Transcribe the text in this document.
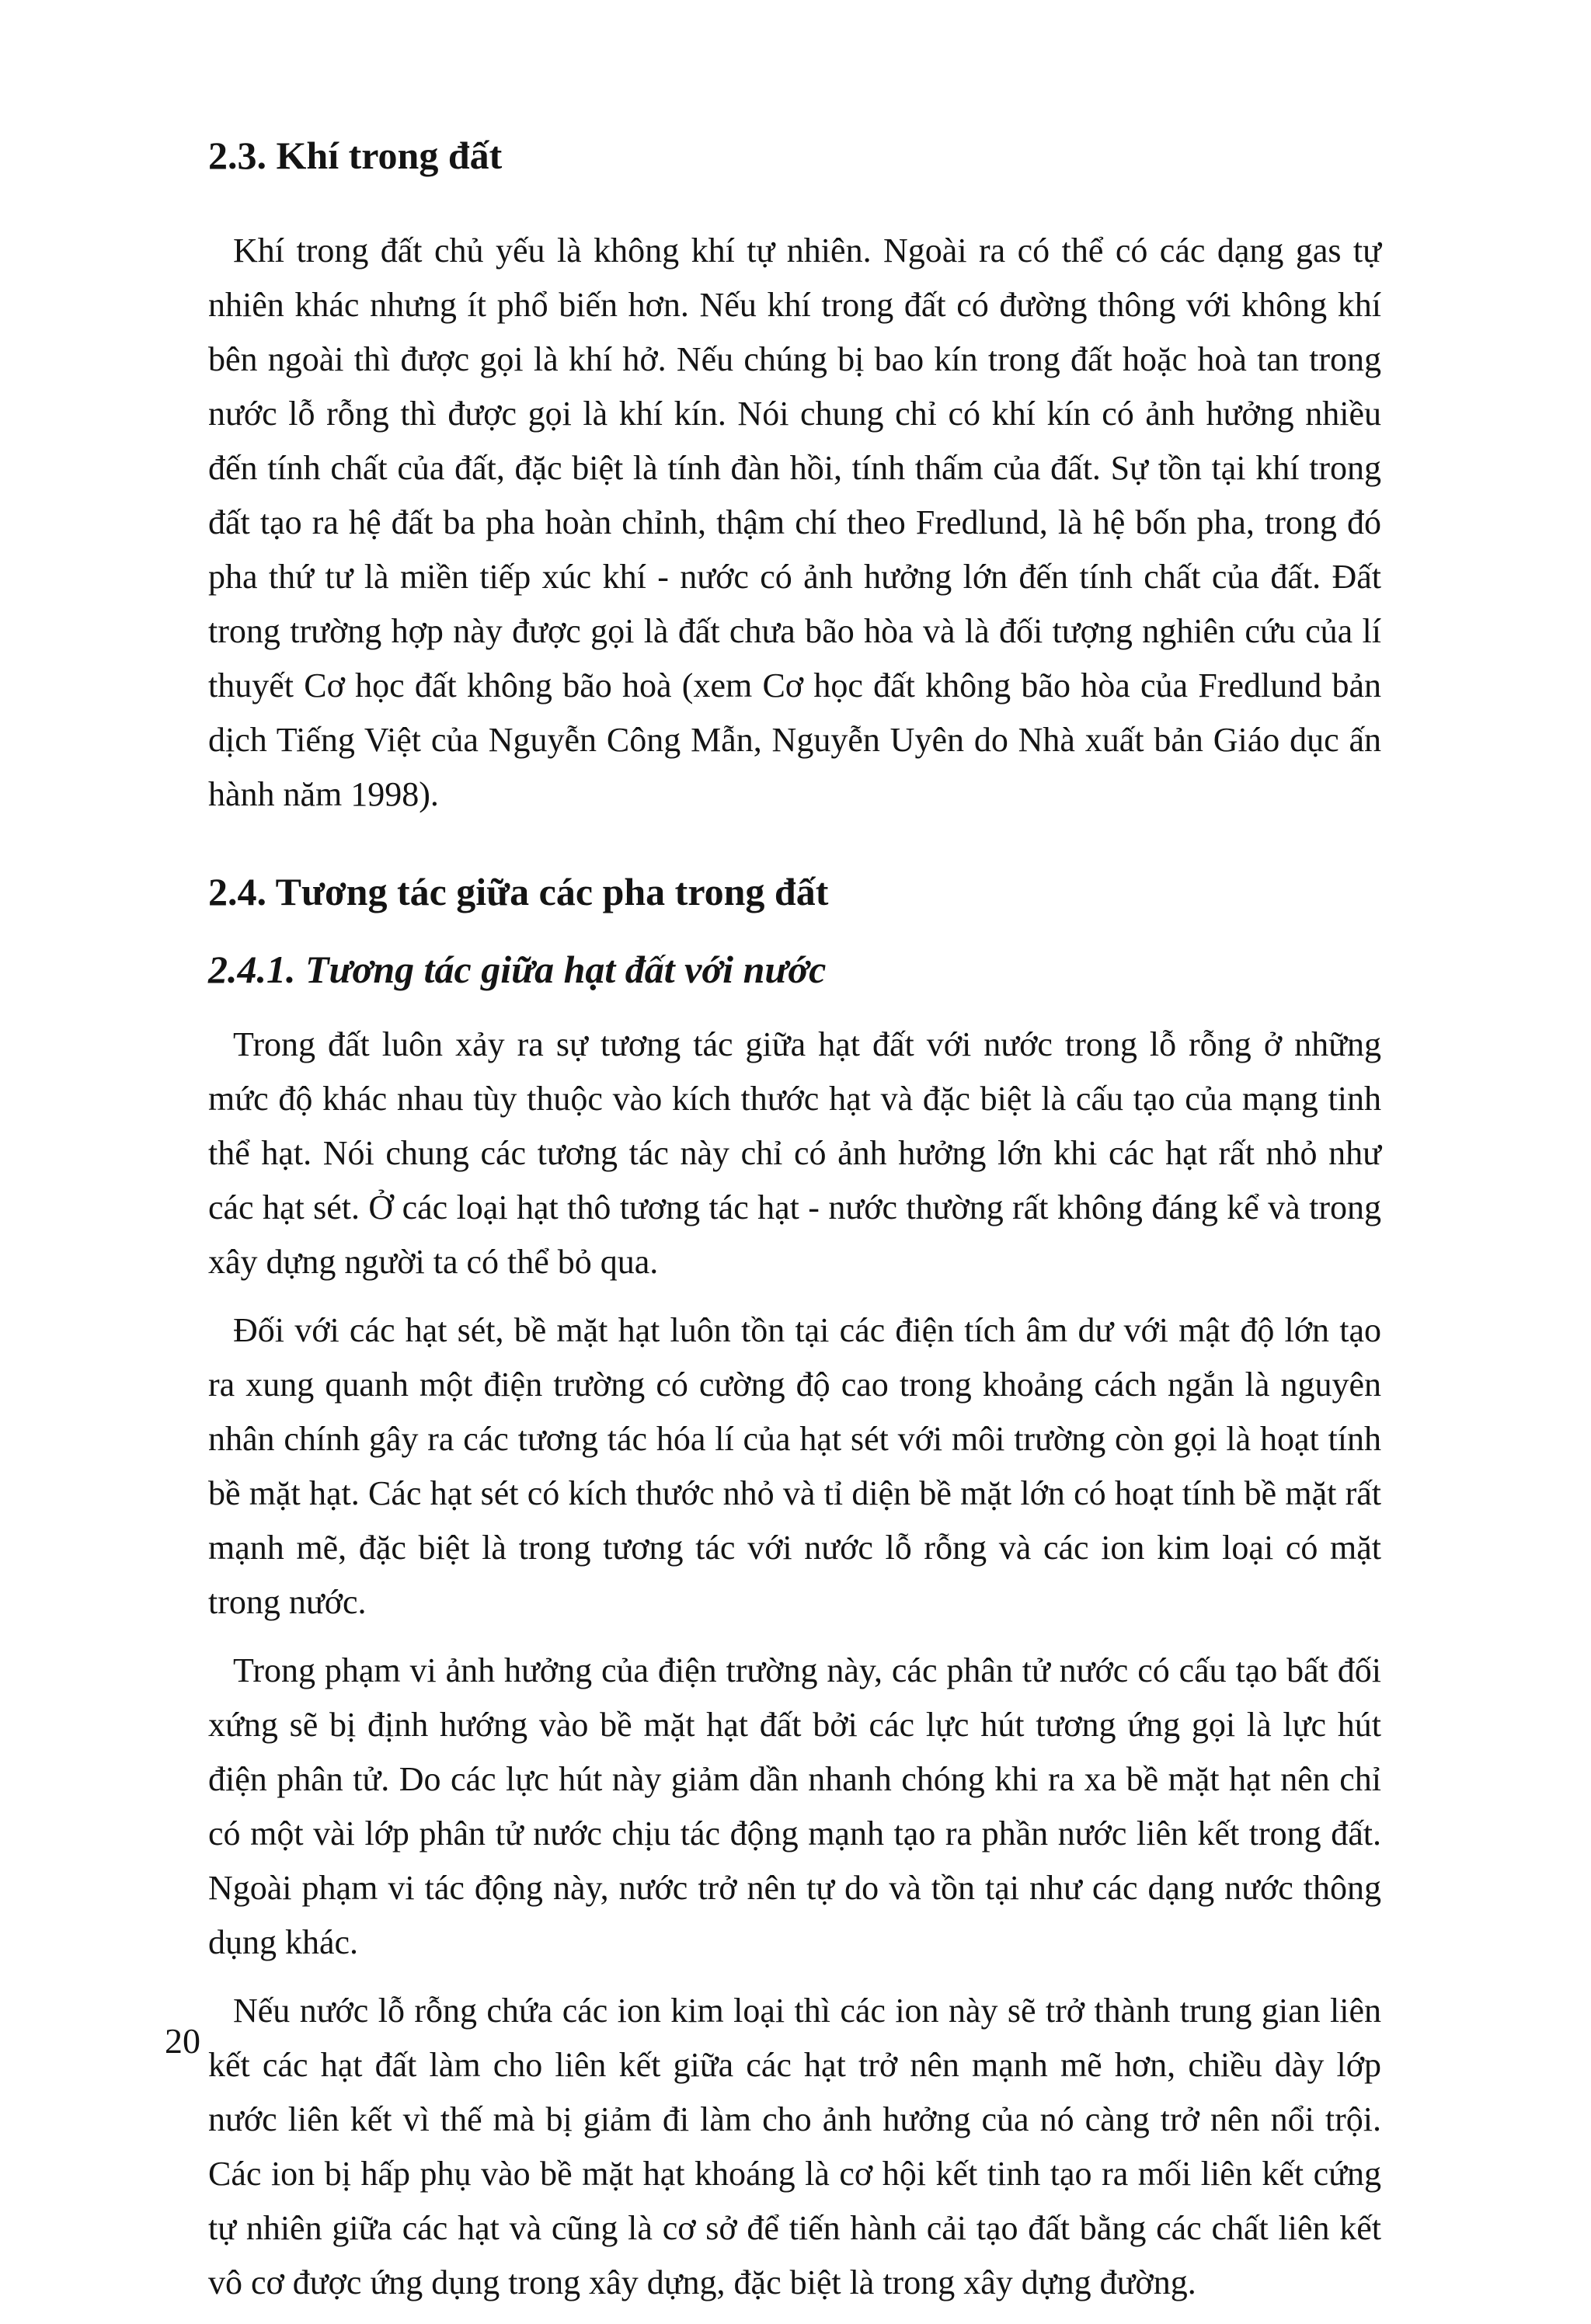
2.3. Khí trong đất

Khí trong đất chủ yếu là không khí tự nhiên. Ngoài ra có thể có các dạng gas tự nhiên khác nhưng ít phổ biến hơn. Nếu khí trong đất có đường thông với không khí bên ngoài thì được gọi là khí hở. Nếu chúng bị bao kín trong đất hoặc hoà tan trong nước lỗ rỗng thì được gọi là khí kín. Nói chung chỉ có khí kín có ảnh hưởng nhiều đến tính chất của đất, đặc biệt là tính đàn hồi, tính thấm của đất. Sự tồn tại khí trong đất tạo ra hệ đất ba pha hoàn chỉnh, thậm chí theo Fredlund, là hệ bốn pha, trong đó pha thứ tư là miền tiếp xúc khí - nước có ảnh hưởng lớn đến tính chất của đất. Đất trong trường hợp này được gọi là đất chưa bão hòa và là đối tượng nghiên cứu của lí thuyết Cơ học đất không bão hoà (xem Cơ học đất không bão hòa của Fredlund bản dịch Tiếng Việt của Nguyễn Công Mẫn, Nguyễn Uyên do Nhà xuất bản Giáo dục ấn hành năm 1998).

2.4. Tương tác giữa các pha trong đất
2.4.1. Tương tác giữa hạt đất với nước

Trong đất luôn xảy ra sự tương tác giữa hạt đất với nước trong lỗ rỗng ở những mức độ khác nhau tùy thuộc vào kích thước hạt và đặc biệt là cấu tạo của mạng tinh thể hạt. Nói chung các tương tác này chỉ có ảnh hưởng lớn khi các hạt rất nhỏ như các hạt sét. Ở các loại hạt thô tương tác hạt - nước thường rất không đáng kể và trong xây dựng người ta có thể bỏ qua.

Đối với các hạt sét, bề mặt hạt luôn tồn tại các điện tích âm dư với mật độ lớn tạo ra xung quanh một điện trường có cường độ cao trong khoảng cách ngắn là nguyên nhân chính gây ra các tương tác hóa lí của hạt sét với môi trường còn gọi là hoạt tính bề mặt hạt. Các hạt sét có kích thước nhỏ và tỉ diện bề mặt lớn có hoạt tính bề mặt rất mạnh mẽ, đặc biệt là trong tương tác với nước lỗ rỗng và các ion kim loại có mặt trong nước.

Trong phạm vi ảnh hưởng của điện trường này, các phân tử nước có cấu tạo bất đối xứng sẽ bị định hướng vào bề mặt hạt đất bởi các lực hút tương ứng gọi là lực hút điện phân tử. Do các lực hút này giảm dần nhanh chóng khi ra xa bề mặt hạt nên chỉ có một vài lớp phân tử nước chịu tác động mạnh tạo ra phần nước liên kết trong đất. Ngoài phạm vi tác động này, nước trở nên tự do và tồn tại như các dạng nước thông dụng khác.

Nếu nước lỗ rỗng chứa các ion kim loại thì các ion này sẽ trở thành trung gian liên kết các hạt đất làm cho liên kết giữa các hạt trở nên mạnh mẽ hơn, chiều dày lớp nước liên kết vì thế mà bị giảm đi làm cho ảnh hưởng của nó càng trở nên nổi trội. Các ion bị hấp phụ vào bề mặt hạt khoáng là cơ hội kết tinh tạo ra mối liên kết cứng tự nhiên giữa các hạt và cũng là cơ sở để tiến hành cải tạo đất bằng các chất liên kết vô cơ được ứng dụng trong xây dựng, đặc biệt là trong xây dựng đường.

20
